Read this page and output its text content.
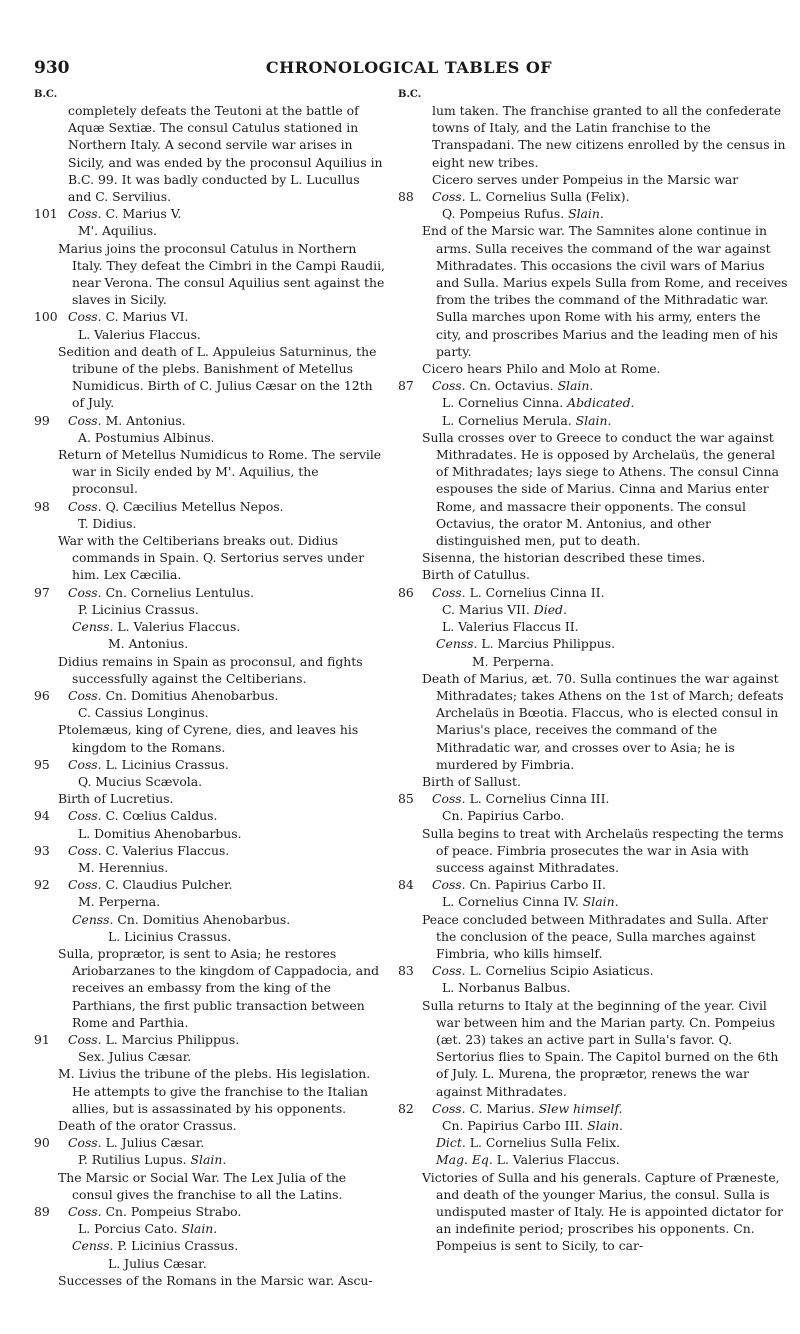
930	CHRONOLOGICAL TABLES OF
B.C.
completely defeats the Teutoni at the battle of Aquæ Sextiæ. The consul Catulus stationed in Northern Italy. A second servile war arises in Sicily, and was ended by the proconsul Aquilius in B.C. 99. It was badly conducted by L. Lucullus and C. Servilius.
101 Coss. C. Marius V.
M'. Aquilius.
Marius joins the proconsul Catulus in Northern Italy. They defeat the Cimbri in the Campi Raudii, near Verona. The consul Aquilius sent against the slaves in Sicily.
100 Coss. C. Marius VI.
L. Valerius Flaccus.
Sedition and death of L. Appuleius Saturninus, the tribune of the plebs. Banishment of Metellus Numidicus. Birth of C. Julius Cæsar on the 12th of July.
99	Coss. M. Antonius.
A. Postumius Albinus.
Return of Metellus Numidicus to Rome. The servile war in Sicily ended by M'. Aquilius, the proconsul.
98	Coss. Q. Cæcilius Metellus Nepos.
T. Didius.
War with the Celtiberians breaks out. Didius commands in Spain. Q. Sertorius serves under him. Lex Cæcilia.
97	Coss. Cn. Cornelius Lentulus.
P. Licinius Crassus.
Censs. L. Valerius Flaccus.
M. Antonius.
Didius remains in Spain as proconsul, and fights successfully against the Celtiberians.
96	Coss. Cn. Domitius Ahenobarbus.
C. Cassius Longinus.
Ptolemæus, king of Cyrene, dies, and leaves his kingdom to the Romans.
95	Coss. L. Licinius Crassus.
Q. Mucius Scævola.
Birth of Lucretius.
94	Coss. C. Cœlius Caldus.
L. Domitius Ahenobarbus.
93	Coss. C. Valerius Flaccus.
M. Herennius.
92	Coss. C. Claudius Pulcher.
M. Perperna.
Censs. Cn. Domitius Ahenobarbus.
L. Licinius Crassus.
Sulla, proprætor, is sent to Asia; he restores Ariobarzanes to the kingdom of Cappadocia, and receives an embassy from the king of the Parthians, the first public transaction between Rome and Parthia.
91	Coss. L. Marcius Philippus.
Sex. Julius Cæsar.
M. Livius the tribune of the plebs. His legislation. He attempts to give the franchise to the Italian allies, but is assassinated by his opponents.
Death of the orator Crassus.
90	Coss. L. Julius Cæsar.
P. Rutilius Lupus. Slain.
The Marsic or Social War. The Lex Julia of the consul gives the franchise to all the Latins.
89	Coss. Cn. Pompeius Strabo.
L. Porcius Cato. Slain.
Censs. P. Licinius Crassus.
L. Julius Cæsar.
Successes of the Romans in the Marsic war. Ascu-
B.C.
lum taken. The franchise granted to all the confederate towns of Italy, and the Latin franchise to the Transpadani. The new citizens enrolled by the census in eight new tribes.
Cicero serves under Pompeius in the Marsic war
88	Coss. L. Cornelius Sulla (Felix).
Q. Pompeius Rufus. Slain.
End of the Marsic war. The Samnites alone continue in arms. Sulla receives the command of the war against Mithradates. This occasions the civil wars of Marius and Sulla. Marius expels Sulla from Rome, and receives from the tribes the command of the Mithradatic war. Sulla marches upon Rome with his army, enters the city, and proscribes Marius and the leading men of his party.
Cicero hears Philo and Molo at Rome.
87	Coss. Cn. Octavius. Slain.
L. Cornelius Cinna. Abdicated.
L. Cornelius Merula. Slain.
Sulla crosses over to Greece to conduct the war against Mithradates. He is opposed by Archelaüs, the general of Mithradates; lays siege to Athens. The consul Cinna espouses the side of Marius. Cinna and Marius enter Rome, and massacre their opponents. The consul Octavius, the orator M. Antonius, and other distinguished men, put to death.
Sisenna, the historian described these times.
Birth of Catullus.
86	Coss. L. Cornelius Cinna II.
C. Marius VII. Died.
L. Valerius Flaccus II.
Censs. L. Marcius Philippus.
M. Perperna.
Death of Marius, æt. 70. Sulla continues the war against Mithradates; takes Athens on the 1st of March; defeats Archelaüs in Bœotia. Flaccus, who is elected consul in Marius's place, receives the command of the Mithradatic war, and crosses over to Asia; he is murdered by Fimbria.
Birth of Sallust.
85	Coss. L. Cornelius Cinna III.
Cn. Papirius Carbo.
Sulla begins to treat with Archelaüs respecting the terms of peace. Fimbria prosecutes the war in Asia with success against Mithradates.
84	Coss. Cn. Papirius Carbo II.
L. Cornelius Cinna IV. Slain.
Peace concluded between Mithradates and Sulla. After the conclusion of the peace, Sulla marches against Fimbria, who kills himself.
83	Coss. L. Cornelius Scipio Asiaticus.
L. Norbanus Balbus.
Sulla returns to Italy at the beginning of the year. Civil war between him and the Marian party. Cn. Pompeius (æt. 23) takes an active part in Sulla's favor. Q. Sertorius flies to Spain. The Capitol burned on the 6th of July. L. Murena, the proprætor, renews the war against Mithradates.
82	Coss. C. Marius. Slew himself.
Cn. Papirius Carbo III. Slain.
Dict. L. Cornelius Sulla Felix.
Mag. Eq. L. Valerius Flaccus.
Victories of Sulla and his generals. Capture of Præneste, and death of the younger Marius, the consul. Sulla is undisputed master of Italy. He is appointed dictator for an indefinite period; proscribes his opponents. Cn. Pompeius is sent to Sicily, to car-
